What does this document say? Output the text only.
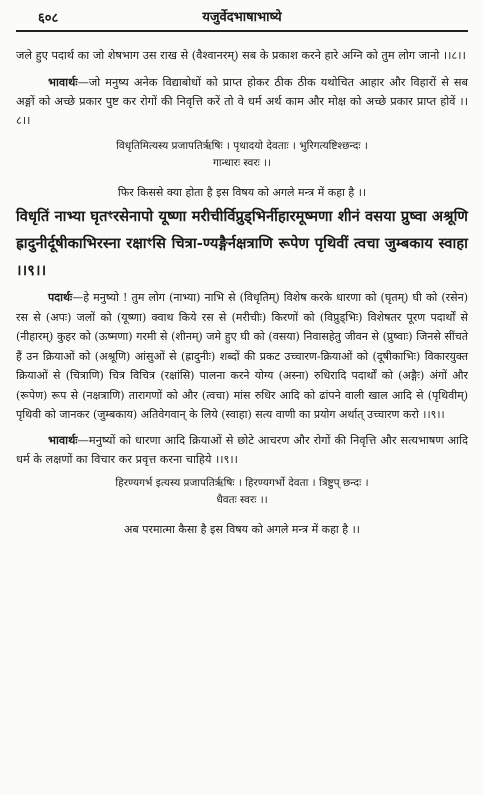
६०८	यजुर्वेदभाषाभाष्ये

जले हुए पदार्थ का जो शेषभाग उस राख से (वैश्वानरम्) सब के प्रकाश करने हारे अग्नि को तुम लोग जानो ।।८।।

भावार्थः—जो मनुष्य अनेक विद्याबोधों को प्राप्त होकर ठीक ठीक यथोचित आहार और विहारों से सब अङ्गों को अच्छे प्रकार पुष्ट कर रोगों की निवृत्ति करें तो वे धर्म अर्थ काम और मोक्ष को अच्छे प्रकार प्राप्त होवें ।।८।।

विधृतिमित्यस्य प्रजापतिर्ऋषिः । पृथादयो देवताः । भुरिगत्यष्टिश्छन्दः ।

गान्धारः स्वरः ।।

फिर किससे क्या होता है इस विषय को अगले मन्त्र में कहा है ।।

विधृतिं नाभ्या घृतꣳरसेनापो यूष्णा मरीचीर्विप्रुड्भिर्नीहारमूष्मणा शीनं वसया प्रुष्वा अश्रूणि ह्रादुनीर्दूषीकाभिरस्ना रक्षाꣳसि चित्रा-ण्यङ्गैर्नक्षत्राणि रूपेण पृथिवीं त्वचा जुम्बकाय स्वाहा ।।९।।

पदार्थः—हे मनुष्यो ! तुम लोग (नाभ्या) नाभि से (विधृतिम्) विशेष करके धारणा को (घृतम्) घी को (रसेन) रस से (अपः) जलों को (यूष्णा) क्वाथ किये रस से (मरीचीः) किरणों को (विप्रुड्भिः) विशेषतर पूरण पदार्थों से (नीहारम्) कुहर को (ऊष्मणा) गरमी से (शीनम्) जमे हुए घी को (वसया) निवासहेतु जीवन से (प्रुष्वाः) जिनसे सींचते हैं उन क्रियाओं को (अश्रूणि) आंसुओं से (ह्रादुनीः) शब्दों की प्रकट उच्चारण-क्रियाओं को (दूषीकाभिः) विकारयुक्त क्रियाओं से (चित्राणि) चित्र विचित्र (रक्षांसि) पालना करने योग्य (अस्ना) रुधिरादि पदार्थों को (अङ्गैः) अंगों और (रूपेण) रूप से (नक्षत्राणि) तारागणों को और (त्वचा) मांस रुधिर आदि को ढांपने वाली खाल आदि से (पृथिवीम्) पृथिवी को जानकर (जुम्बकाय) अतिवेगवान् के लिये (स्वाहा) सत्य वाणी का प्रयोग अर्थात् उच्चारण करो ।।९।।

भावार्थः—मनुष्यों को धारणा आदि क्रियाओं से छोटे आचरण और रोगों की निवृत्ति और सत्यभाषण आदि धर्म के लक्षणों का विचार कर प्रवृत्त करना चाहिये ।।९।।

हिरण्यगर्भ इत्यस्य प्रजापतिर्ऋषिः । हिरण्यगर्भो देवता । त्रिष्टुप् छन्दः ।

धैवतः स्वरः ।।

अब परमात्मा कैसा है इस विषय को अगले मन्त्र में कहा है ।।
